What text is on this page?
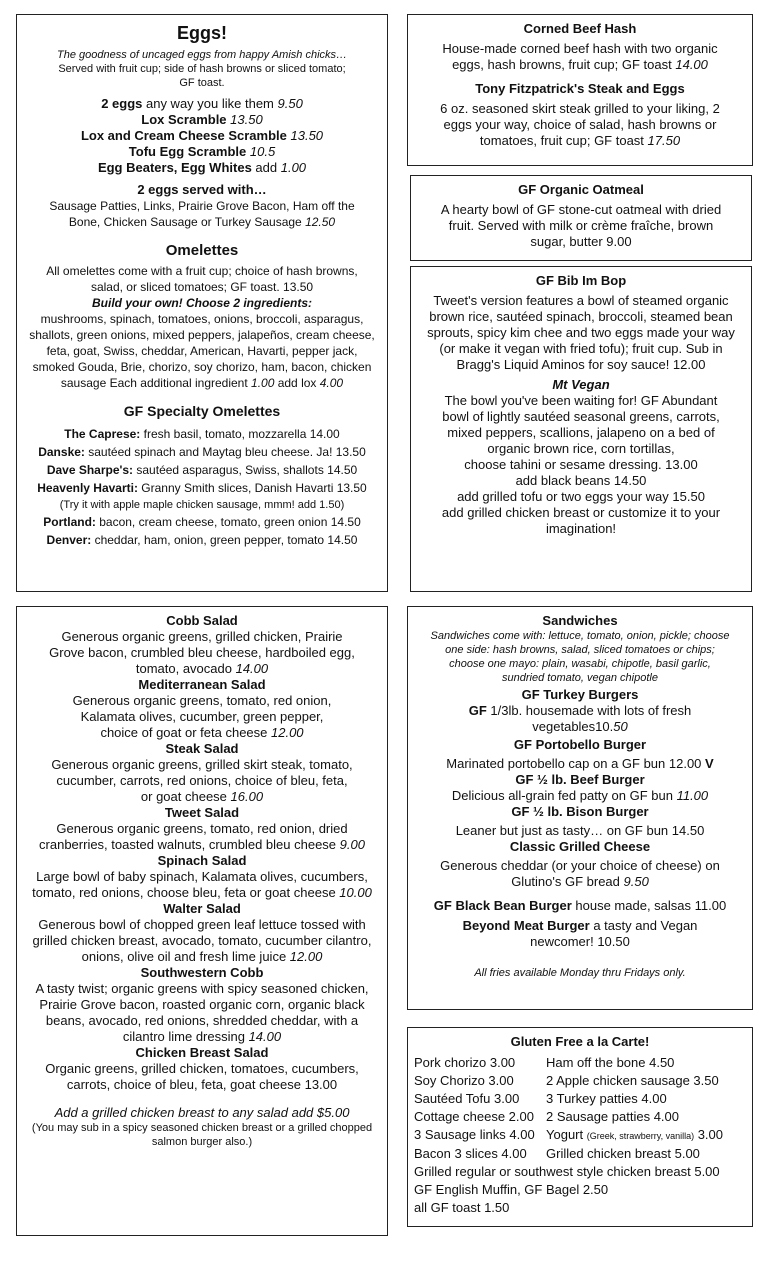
Eggs!

The goodness of uncaged eggs from happy Amish chicks…

Served with fruit cup; side of hash browns or sliced tomato;

GF toast.

2 eggs any way you like them 9.50

Lox Scramble 13.50

Lox and Cream Cheese Scramble 13.50

Tofu Egg Scramble 10.5

Egg Beaters, Egg Whites add 1.00

2 eggs served with…

Sausage Patties, Links, Prairie Grove Bacon, Ham off the

Bone, Chicken Sausage or Turkey Sausage 12.50

Omelettes

All omelettes come with a fruit cup; choice of hash browns,

salad, or sliced tomatoes; GF toast. 13.50

Build your own! Choose 2 ingredients:

mushrooms, spinach, tomatoes, onions, broccoli, asparagus,

shallots, green onions, mixed peppers, jalapeños, cream cheese,

feta, goat, Swiss, cheddar, American, Havarti, pepper jack,

smoked Gouda, Brie, chorizo, soy chorizo, ham, bacon, chicken

sausage Each additional ingredient 1.00 add lox 4.00

GF Specialty Omelettes

The Caprese: fresh basil, tomato, mozzarella 14.00

Danske: sautéed spinach and Maytag bleu cheese. Ja! 13.50

Dave Sharpe's: sautéed asparagus, Swiss, shallots 14.50

Heavenly Havarti: Granny Smith slices, Danish Havarti 13.50

(Try it with apple maple chicken sausage, mmm! add 1.50)

Portland: bacon, cream cheese, tomato, green onion 14.50

Denver: cheddar, ham, onion, green pepper, tomato 14.50

Corned Beef Hash

House-made corned beef hash with two organic

eggs, hash browns, fruit cup; GF toast 14.00

Tony Fitzpatrick's Steak and Eggs

6 oz. seasoned skirt steak grilled to your liking, 2

eggs your way, choice of salad, hash browns or

tomatoes, fruit cup; GF toast 17.50

GF Organic Oatmeal

A hearty bowl of GF stone-cut oatmeal with dried

fruit. Served with milk or crème fraîche, brown

sugar, butter 9.00

GF Bib Im Bop

Tweet's version features a bowl of steamed organic

brown rice, sautéed spinach, broccoli, steamed bean

sprouts, spicy kim chee and two eggs made your way

(or make it vegan with fried tofu); fruit cup. Sub in

Bragg's Liquid Aminos for soy sauce! 12.00

Mt Vegan

The bowl you've been waiting for! GF Abundant

bowl of lightly sautéed seasonal greens, carrots,

mixed peppers, scallions, jalapeno on a bed of

organic brown rice, corn tortillas,

choose tahini or sesame dressing. 13.00

add black beans 14.50

add grilled tofu or two eggs your way 15.50

add grilled chicken breast or customize it to your

imagination!

Cobb Salad

Generous organic greens, grilled chicken, Prairie

Grove bacon, crumbled bleu cheese, hardboiled egg,

tomato, avocado 14.00

Mediterranean Salad

Generous organic greens, tomato, red onion,

Kalamata olives, cucumber, green pepper,

choice of goat or feta cheese 12.00

Steak Salad

Generous organic greens, grilled skirt steak, tomato,

cucumber, carrots, red onions, choice of bleu, feta,

or goat cheese 16.00

Tweet Salad

Generous organic greens, tomato, red onion, dried

cranberries, toasted walnuts, crumbled bleu cheese 9.00

Spinach Salad

Large bowl of baby spinach, Kalamata olives, cucumbers,

tomato, red onions, choose bleu, feta or goat cheese 10.00

Walter Salad

Generous bowl of chopped green leaf lettuce tossed with

grilled chicken breast, avocado, tomato, cucumber cilantro,

onions, olive oil and fresh lime juice 12.00

Southwestern Cobb

A tasty twist; organic greens with spicy seasoned chicken,

Prairie Grove bacon, roasted organic corn, organic black

beans, avocado, red onions, shredded cheddar, with a

cilantro lime dressing 14.00

Chicken Breast Salad

Organic greens, grilled chicken, tomatoes, cucumbers,

carrots, choice of bleu, feta, goat cheese 13.00

Add a grilled chicken breast to any salad add $5.00

(You may sub in a spicy seasoned chicken breast or a grilled chopped

salmon burger also.)

Sandwiches

Sandwiches come with: lettuce, tomato, onion, pickle; choose

one side: hash browns, salad, sliced tomatoes or chips;

choose one mayo: plain, wasabi, chipotle, basil garlic,

sundried tomato, vegan chipotle

GF Turkey Burgers

GF 1/3lb. housemade with lots of fresh

vegetables10.50

GF Portobello Burger

Marinated portobello cap on a GF bun 12.00 V

GF ½ lb. Beef Burger

Delicious all-grain fed patty on GF bun 11.00

GF ½ lb. Bison Burger

Leaner but just as tasty… on GF bun 14.50

Classic Grilled Cheese

Generous cheddar (or your choice of cheese) on

Glutino's GF bread 9.50

GF Black Bean Burger house made, salsas 11.00

Beyond Meat Burger a tasty and Vegan

newcomer! 10.50

All fries available Monday thru Fridays only.

Gluten Free a la Carte!

Pork chorizo 3.00	Ham off the bone 4.50
Soy Chorizo 3.00	2 Apple chicken sausage 3.50
Sautéed Tofu 3.00	3 Turkey patties 4.00
Cottage cheese 2.00 2 Sausage patties 4.00
3 Sausage links 4.00 Yogurt (Greek, strawberry, vanilla) 3.00
Bacon 3 slices 4.00	Grilled chicken breast 5.00
Grilled regular or southwest style chicken breast 5.00
GF English Muffin, GF Bagel 2.50
all GF toast 1.50
